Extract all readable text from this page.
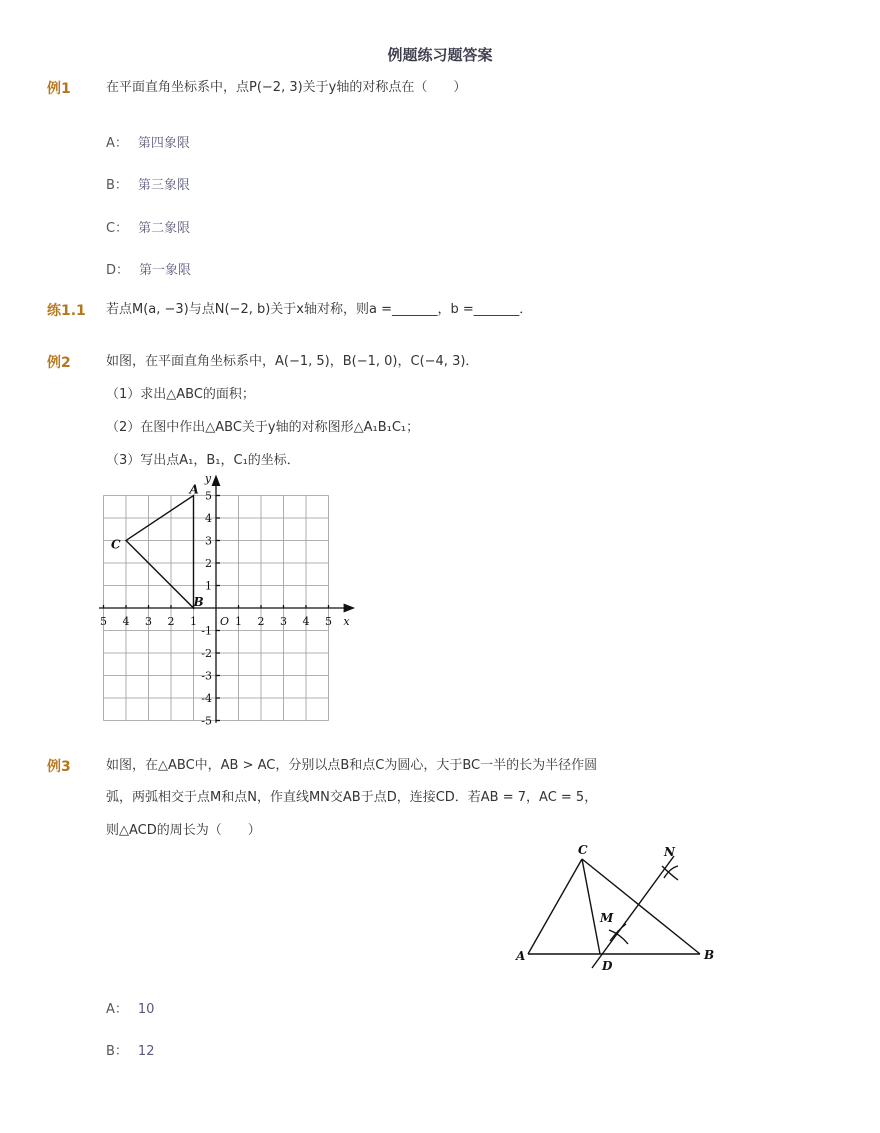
例题练习题答案
例1	在平面直角坐标系中，点P(−2, 3)关于y轴的对称点在（　　）
A： 第四象限
B： 第三象限
C： 第二象限
D： 第一象限
练1.1 若点M(a, −3)与点N(−2, b)关于x轴对称，则a =_______，b =_______．
例2	如图，在平面直角坐标系中，A(−1, 5)，B(−1, 0)，C(−4, 3)．
（1）求出△ABC的面积；
（2）在图中作出△ABC关于y轴的对称图形△A₁B₁C₁；
（3）写出点A₁，B₁，C₁的坐标．
5 4 3 2 1	1 2 3 4 5
5
4
3
2
1
-1
-2
-3
-4
-5
O	x
y
A
B
C
例3	如图，在△ABC中，AB > AC，分别以点B和点C为圆心，大于BC一半的长为半径作圆
弧，两弧相交于点M和点N，作直线MN交AB于点D，连接CD．若AB = 7，AC = 5，
则△ACD的周长为（　　）
A	B
C
D
M
N
A： 10
B： 12
